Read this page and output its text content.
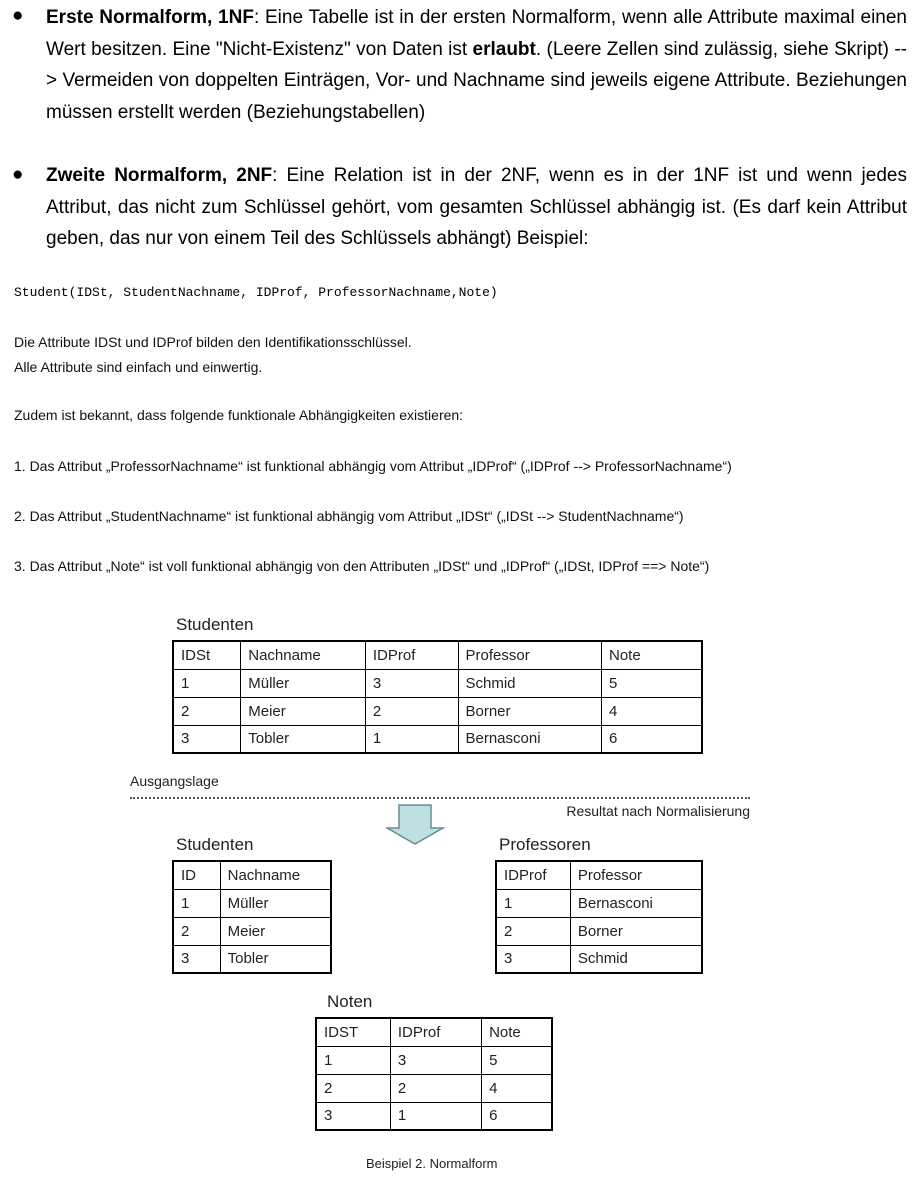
● Erste Normalform, 1NF: Eine Tabelle ist in der ersten Normalform, wenn alle Attribute maximal einen Wert besitzen. Eine "Nicht-Existenz" von Daten ist erlaubt. (Leere Zellen sind zulässig, siehe Skript) --> Vermeiden von doppelten Einträgen, Vor- und Nachname sind jeweils eigene Attribute. Beziehungen müssen erstellt werden (Beziehungstabellen)
● Zweite Normalform, 2NF: Eine Relation ist in der 2NF, wenn es in der 1NF ist und wenn jedes Attribut, das nicht zum Schlüssel gehört, vom gesamten Schlüssel abhängig ist. (Es darf kein Attribut geben, das nur von einem Teil des Schlüssels abhängt) Beispiel:
Student(IDSt, StudentNachname, IDProf, ProfessorNachname,Note)
Die Attribute IDSt und IDProf bilden den Identifikationsschlüssel.
Alle Attribute sind einfach und einwertig.
Zudem ist bekannt, dass folgende funktionale Abhängigkeiten existieren:
1. Das Attribut „ProfessorNachname“ ist funktional abhängig vom Attribut „IDProf“ („IDProf --> ProfessorNachname“)
2. Das Attribut „StudentNachname“ ist funktional abhängig vom Attribut „IDSt“ („IDSt --> StudentNachname“)
3. Das Attribut „Note“ ist voll funktional abhängig von den Attributen „IDSt“ und „IDProf“ („IDSt, IDProf ==> Note“)
Studenten
IDSt	Nachname	IDProf	Professor	Note
1	Müller	3	Schmid	5
2	Meier	2	Borner	4
3	Tobler	1	Bernasconi	6
Ausgangslage
Resultat nach Normalisierung
Studenten
ID	Nachname
1	Müller
2	Meier
3	Tobler
Professoren
IDProf	Professor
1	Bernasconi
2	Borner
3	Schmid
Noten
IDST	IDProf	Note
1	3	5
2	2	4
3	1	6
Beispiel 2. Normalform
